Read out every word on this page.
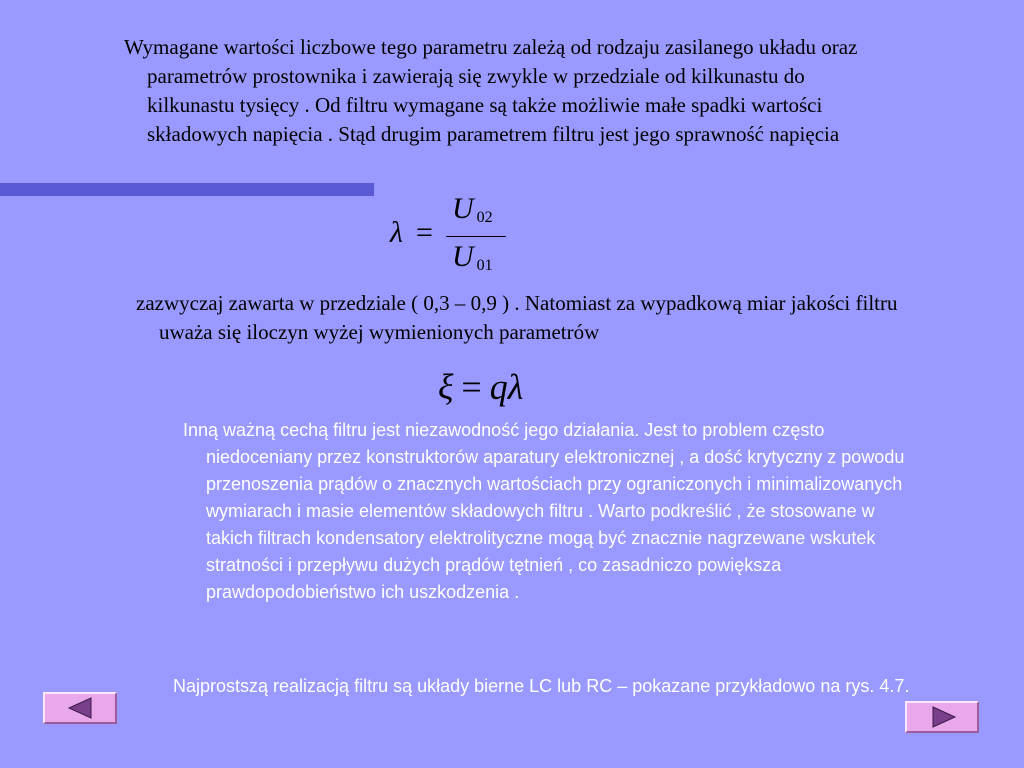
Wymagane wartości liczbowe tego parametru zależą od rodzaju zasilanego układu oraz parametrów prostownika i zawierają się zwykle w przedziale od kilkunastu do kilkunastu tysięcy . Od filtru wymagane są także możliwie małe spadki wartości składowych napięcia . Stąd drugim parametrem filtru jest jego sprawność napięcia

λ =
U 02
U 01

zazwyczaj zawarta w przedziale ( 0,3 – 0,9 ) . Natomiast za wypadkową miar jakości filtru uważa się iloczyn wyżej wymienionych parametrów

ξ = qλ

Inną ważną cechą filtru jest niezawodność jego działania. Jest to problem często niedoceniany przez konstruktorów aparatury elektronicznej , a dość krytyczny z powodu przenoszenia prądów o znacznych wartościach przy ograniczonych i minimalizowanych wymiarach i masie elementów składowych filtru . Warto podkreślić , że stosowane w takich filtrach kondensatory elektrolityczne mogą być znacznie nagrzewane wskutek stratności i przepływu dużych prądów tętnień , co zasadniczo powiększa prawdopodobieństwo ich uszkodzenia .

Najprostszą realizacją filtru są układy bierne LC lub RC – pokazane przykładowo na rys. 4.7.
